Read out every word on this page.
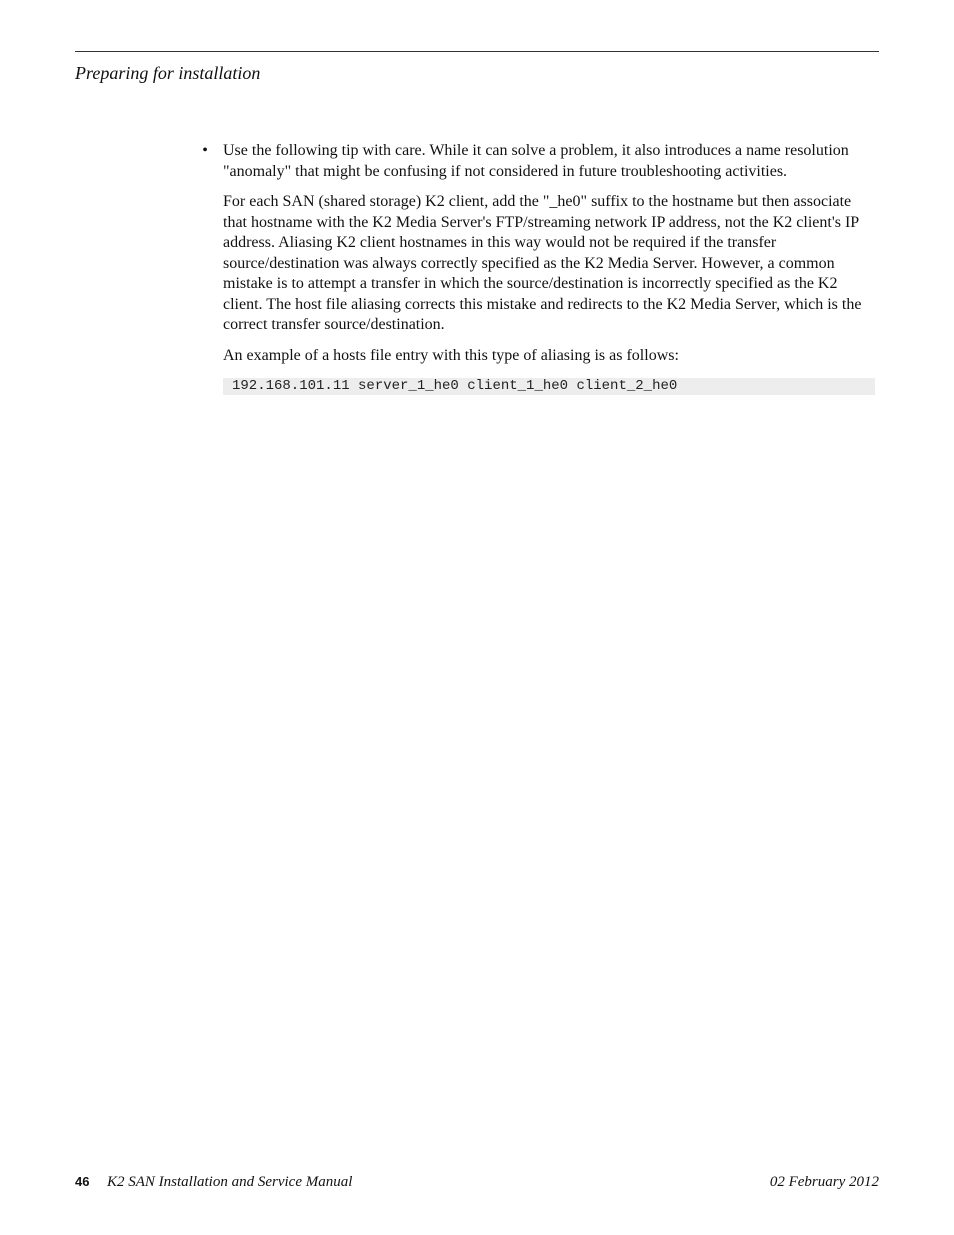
Preparing for installation
• Use the following tip with care. While it can solve a problem, it also introduces a name resolution "anomaly" that might be confusing if not considered in future troubleshooting activities.

For each SAN (shared storage) K2 client, add the "_he0" suffix to the hostname but then associate that hostname with the K2 Media Server's FTP/streaming network IP address, not the K2 client's IP address. Aliasing K2 client hostnames in this way would not be required if the transfer source/destination was always correctly specified as the K2 Media Server. However, a common mistake is to attempt a transfer in which the source/destination is incorrectly specified as the K2 client. The host file aliasing corrects this mistake and redirects to the K2 Media Server, which is the correct transfer source/destination.

An example of a hosts file entry with this type of aliasing is as follows:

192.168.101.11 server_1_he0 client_1_he0 client_2_he0
46 K2 SAN Installation and Service Manual	02 February 2012
